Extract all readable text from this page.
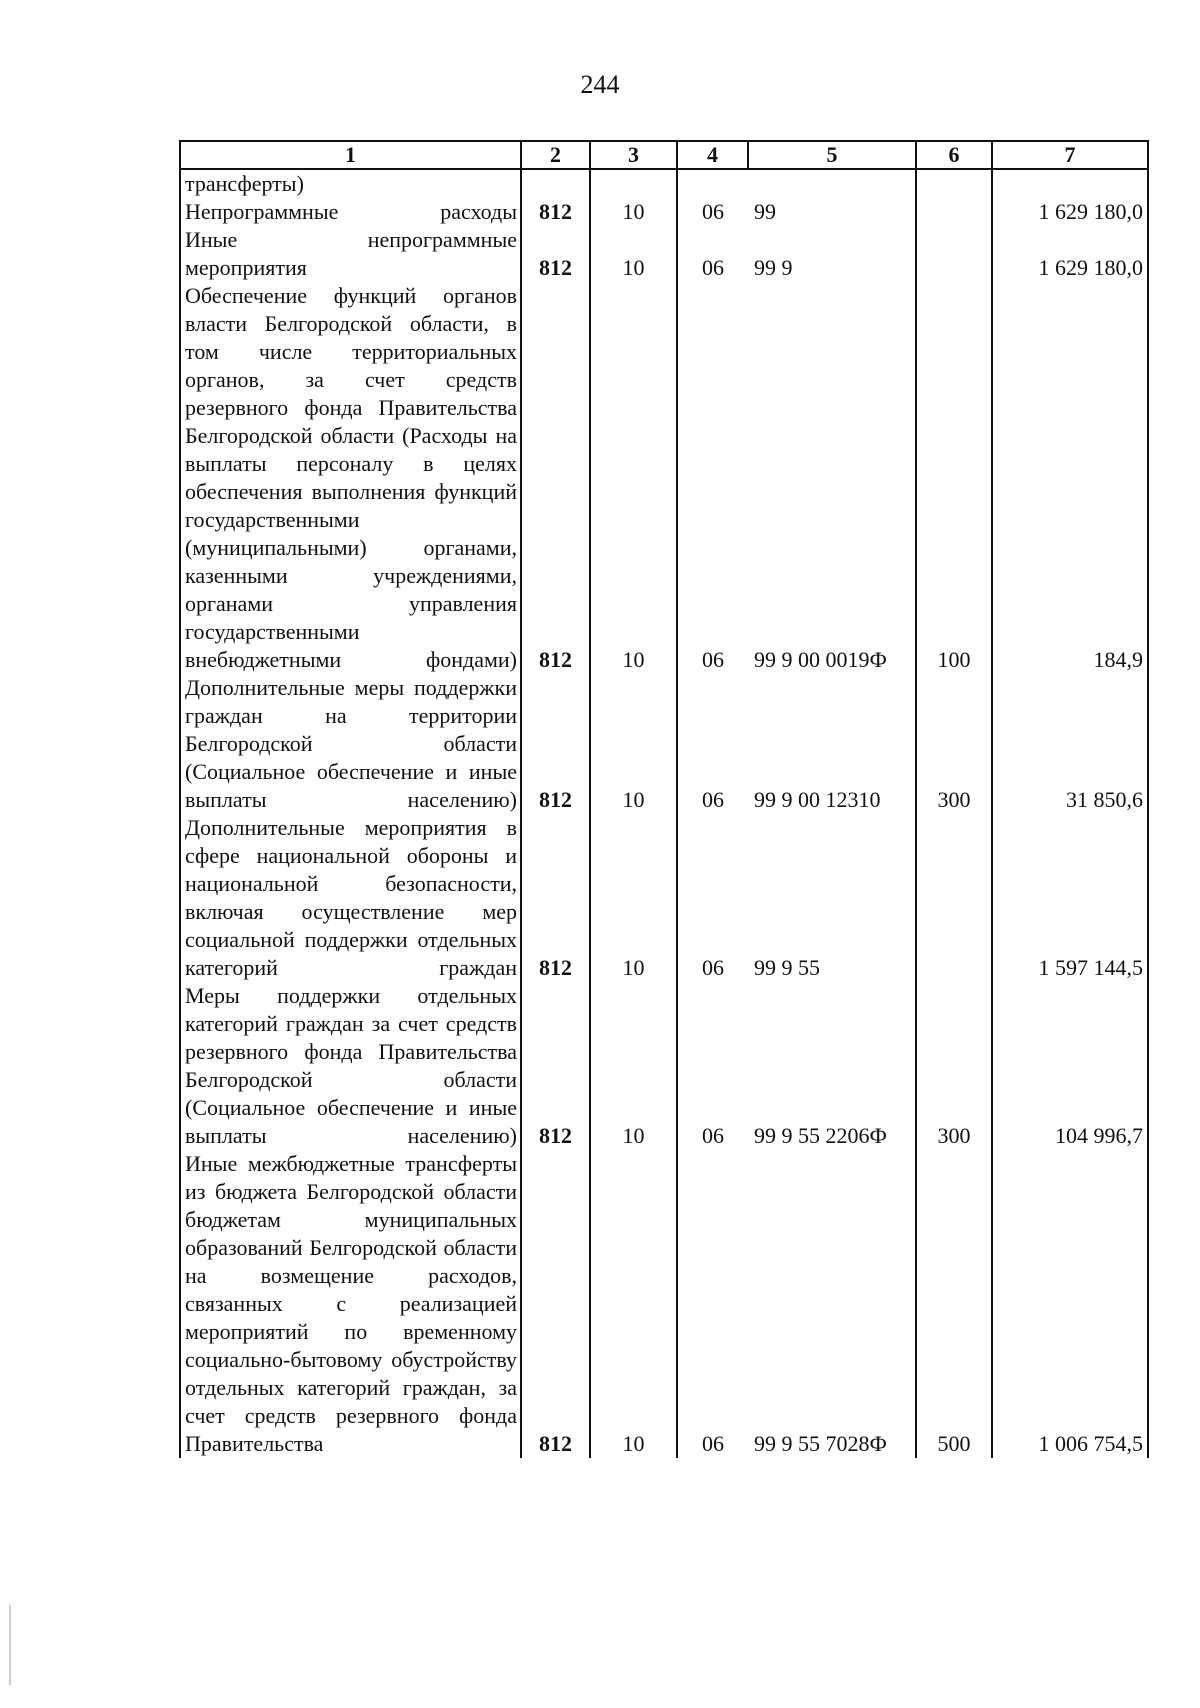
244
1	2	3	4	5	6	7
трансферты)						
Непрограммные расходы	812	10	06	99		1 629 180,0
Иные непрограммные мероприятия	812	10	06	99 9		1 629 180,0
Обеспечение функций органов власти Белгородской области, в том числе территориальных органов, за счет средств резервного фонда Правительства Белгородской области (Расходы на выплаты персоналу в целях обеспечения выполнения функций государственными (муниципальными) органами, казенными учреждениями, органами управления государственными внебюджетными фондами)	812	10	06	99 9 00 0019Ф	100	184,9
Дополнительные меры поддержки граждан на территории Белгородской области (Социальное обеспечение и иные выплаты населению)	812	10	06	99 9 00 12310	300	31 850,6
Дополнительные мероприятия в сфере национальной обороны и национальной безопасности, включая осуществление мер социальной поддержки отдельных категорий граждан	812	10	06	99 9 55		1 597 144,5
Меры поддержки отдельных категорий граждан за счет средств резервного фонда Правительства Белгородской области (Социальное обеспечение и иные выплаты населению)	812	10	06	99 9 55 2206Ф	300	104 996,7
Иные межбюджетные трансферты из бюджета Белгородской области бюджетам муниципальных образований Белгородской области на возмещение расходов, связанных с реализацией мероприятий по временному социально-бытовому обустройству отдельных категорий граждан, за счет средств резервного фонда Правительства	812	10	06	99 9 55 7028Ф	500	1 006 754,5
